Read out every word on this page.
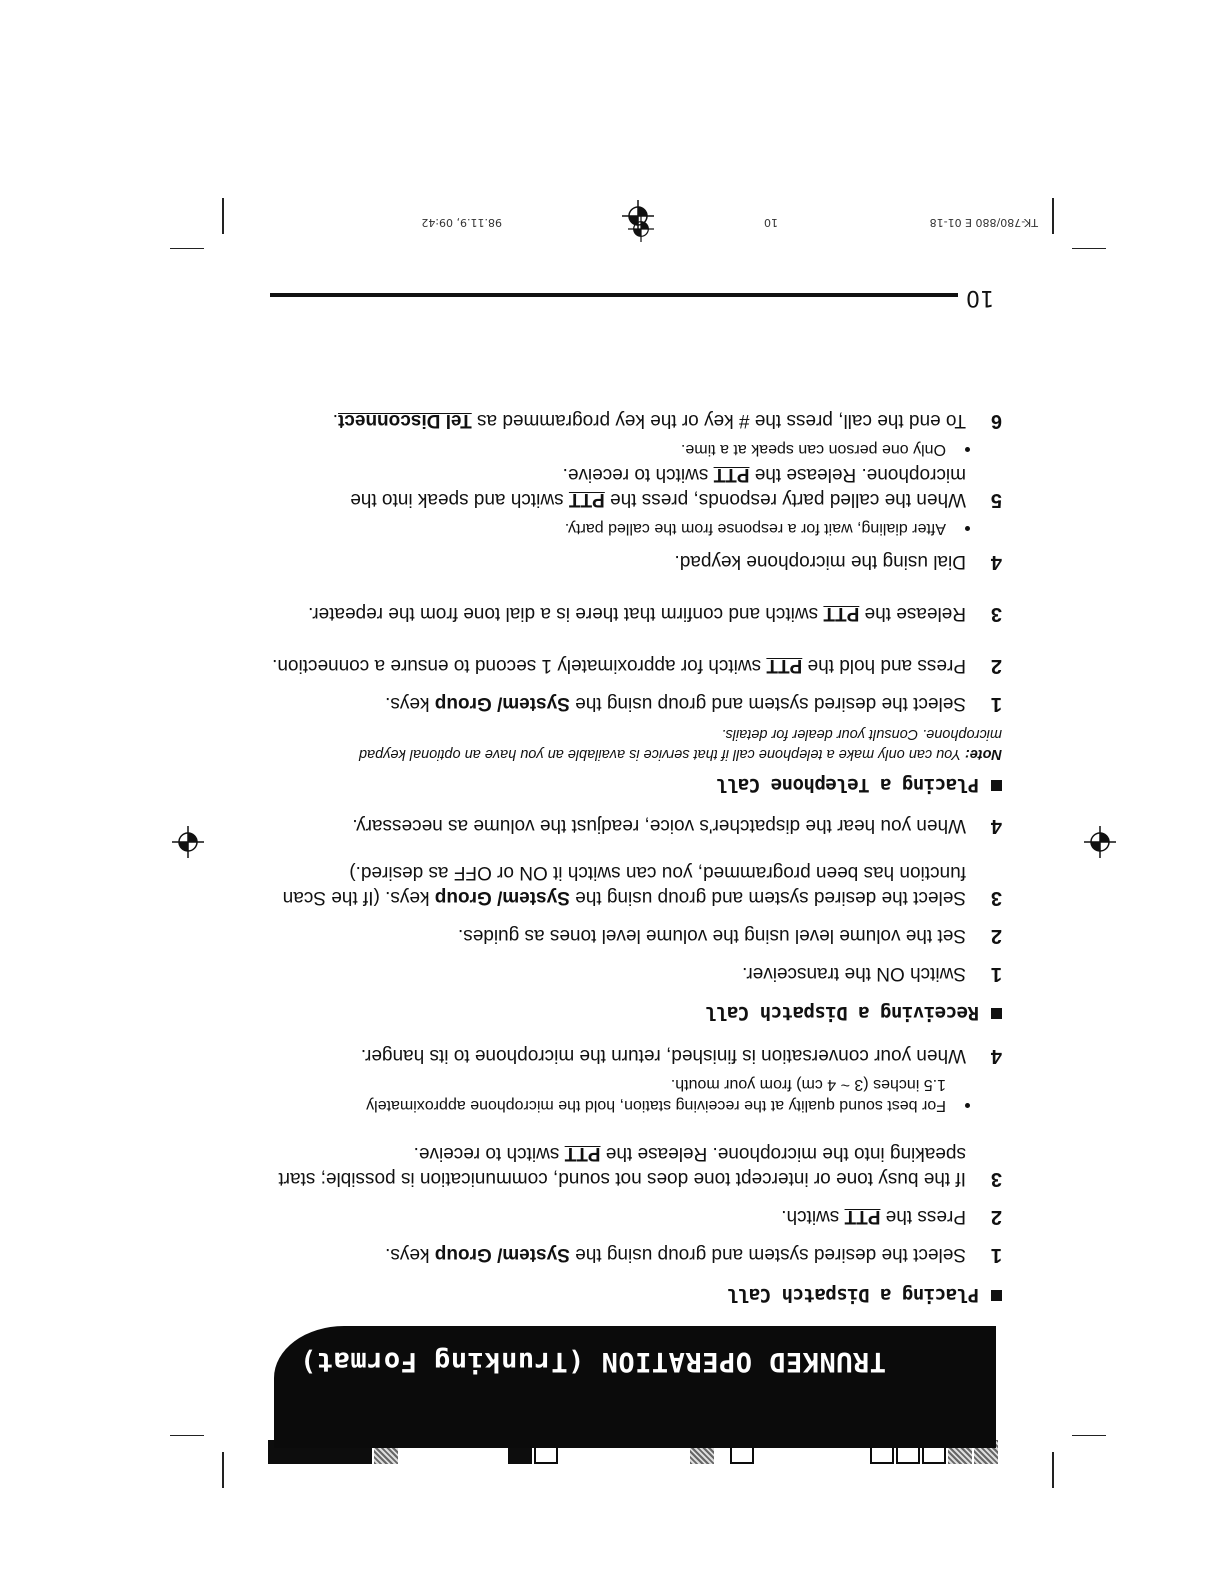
TRUNKED OPERATION (Trunking Format)
Placing a Dispatch Call
1
Select the desired system and group using the System/ Group keys.
2
Press the PTT switch.
3
If the busy tone or intercept tone does not sound, communication is possible; start speaking into the microphone. Release the PTT switch to receive.
For best sound quality at the receiving station, hold the microphone approximately 1.5 inches (3 ~ 4 cm) from your mouth.
4
When your conversation is finished, return the microphone to its hanger.
Receiving a Dispatch Call
1
Switch ON the transceiver.
2
Set the volume level using the volume level tones as guides.
3
Select the desired system and group using the System/ Group keys. (If the Scan function has been programmed, you can switch it ON or OFF as desired.)
4
When you hear the dispatcher's voice, readjust the volume as necessary.
Placing a Telephone Call
Note: You can only make a telephone call if that service is available an you have an optional keypad microphone. Consult your dealer for details.
1
Select the desired system and group using the System/ Group keys.
2
Press and hold the PTT switch for approximately 1 second to ensure a connection.
3
Release the PTT switch and confirm that there is a dial tone from the repeater.
4
Dial using the microphone keypad.
After dialing, wait for a response from the called party.
5
When the called party responds, press the PTT switch and speak into the microphone. Release the PTT switch to receive.
Only one person can speak at a time.
6
To end the call, press the # key or the key programmed as Tel Disconnect.
10
TK-780/880 E 01-18
10
98.11.9, 09:42
